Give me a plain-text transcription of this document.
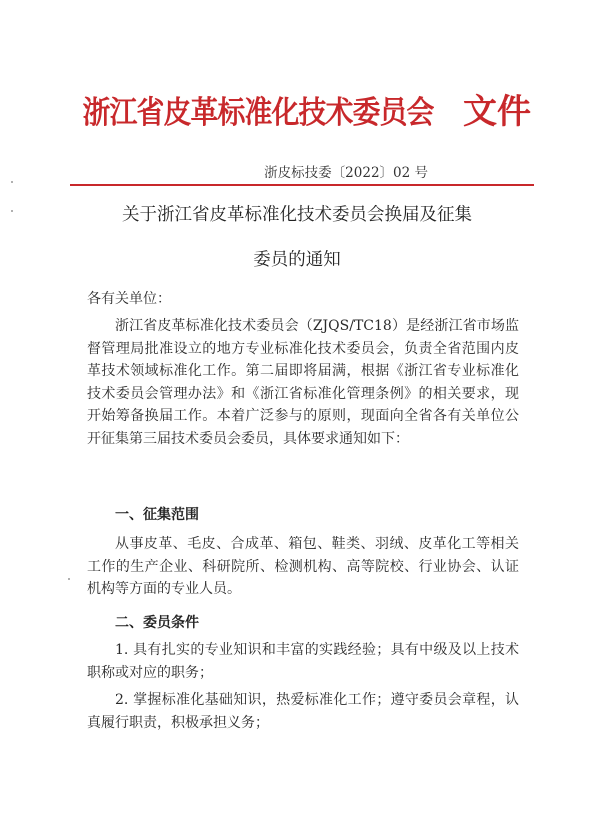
浙江省皮革标准化技术委员会 文件
浙皮标技委〔2022〕02 号
关于浙江省皮革标准化技术委员会换届及征集
委员的通知
各有关单位：

浙江省皮革标准化技术委员会（ZJQS/TC18）是经浙江省市场监督管理局批准设立的地方专业标准化技术委员会，负责全省范围内皮革技术领域标准化工作。第二届即将届满，根据《浙江省专业标准化技术委员会管理办法》和《浙江省标准化管理条例》的相关要求，现开始筹备换届工作。本着广泛参与的原则，现面向全省各有关单位公开征集第三届技术委员会委员，具体要求通知如下：

一、征集范围

从事皮革、毛皮、合成革、箱包、鞋类、羽绒、皮革化工等相关工作的生产企业、科研院所、检测机构、高等院校、行业协会、认证机构等方面的专业人员。

二、委员条件

1. 具有扎实的专业知识和丰富的实践经验；具有中级及以上技术职称或对应的职务；

2. 掌握标准化基础知识，热爱标准化工作；遵守委员会章程，认真履行职责，积极承担义务；
